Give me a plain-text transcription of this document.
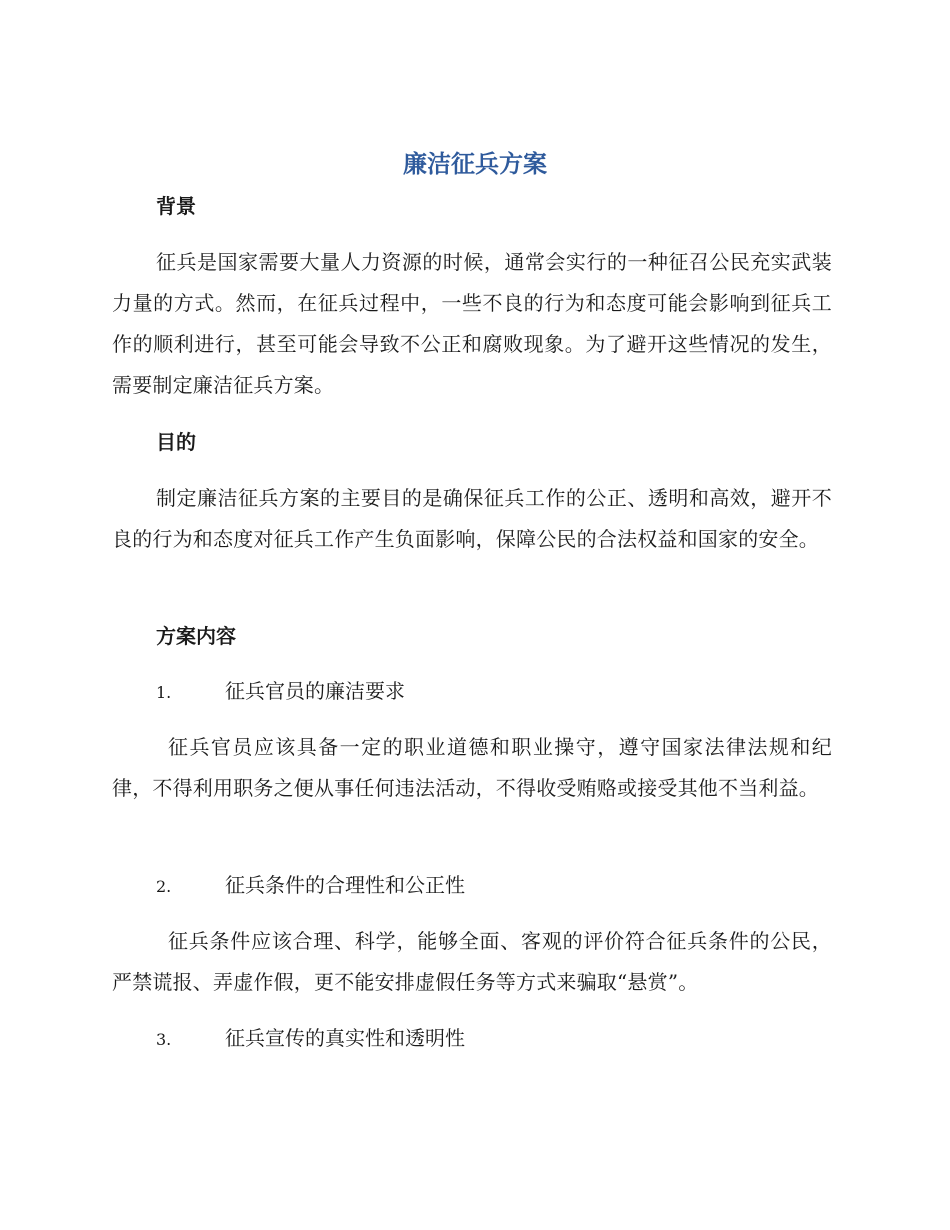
廉洁征兵方案
背景

征兵是国家需要大量人力资源的时候，通常会实行的一种征召公民充实武装力量的方式。然而，在征兵过程中，一些不良的行为和态度可能会影响到征兵工作的顺利进行，甚至可能会导致不公正和腐败现象。为了避开这些情况的发生，需要制定廉洁征兵方案。

目的

制定廉洁征兵方案的主要目的是确保征兵工作的公正、透明和高效，避开不良的行为和态度对征兵工作产生负面影响，保障公民的合法权益和国家的安全。

方案内容
1.	征兵官员的廉洁要求

征兵官员应该具备一定的职业道德和职业操守，遵守国家法律法规和纪律，不得利用职务之便从事任何违法活动，不得收受贿赂或接受其他不当利益。

2.	征兵条件的合理性和公正性

征兵条件应该合理、科学，能够全面、客观的评价符合征兵条件的公民，严禁谎报、弄虚作假，更不能安排虚假任务等方式来骗取“悬赏”。

3.	征兵宣传的真实性和透明性
